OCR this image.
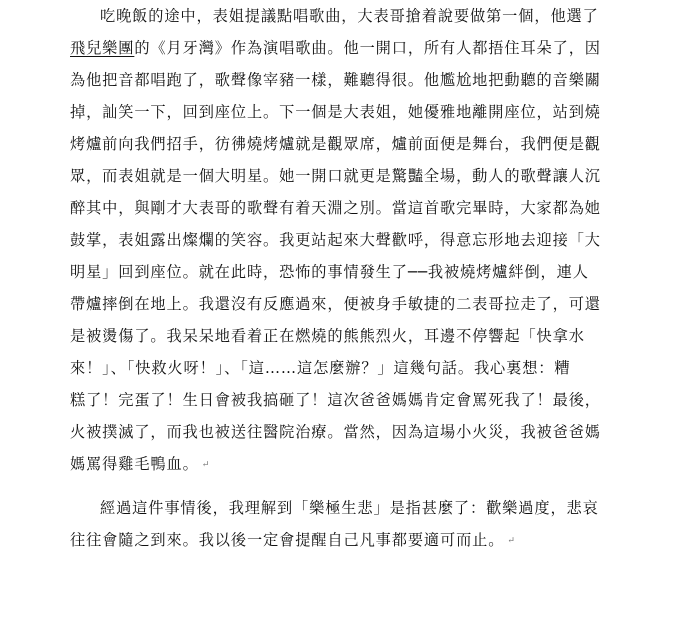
吃晚飯的途中，表姐提議點唱歌曲，大表哥搶着說要做第一個，他選了
飛兒樂團的《月牙灣》作為演唱歌曲。他一開口，所有人都捂住耳朵了，因
為他把音都唱跑了，歌聲像宰豬一樣，難聽得很。他尷尬地把動聽的音樂關
掉，訕笑一下，回到座位上。下一個是大表姐，她優雅地離開座位，站到燒
烤爐前向我們招手，彷彿燒烤爐就是觀眾席，爐前面便是舞台，我們便是觀
眾，而表姐就是一個大明星。她一開口就更是驚豔全場，動人的歌聲讓人沉
醉其中，與剛才大表哥的歌聲有着天淵之別。當這首歌完畢時，大家都為她
鼓掌，表姐露出燦爛的笑容。我更站起來大聲歡呼，得意忘形地去迎接「大
明星」回到座位。就在此時，恐怖的事情發生了──我被燒烤爐絆倒，連人
帶爐摔倒在地上。我還沒有反應過來，便被身手敏捷的二表哥拉走了，可還
是被燙傷了。我呆呆地看着正在燃燒的熊熊烈火，耳邊不停響起「快拿水
來！」、「快救火呀！」、「這……這怎麼辦？」這幾句話。我心裏想：糟
糕了！完蛋了！生日會被我搞砸了！這次爸爸媽媽肯定會罵死我了！最後，
火被撲滅了，而我也被送往醫院治療。當然，因為這場小火災，我被爸爸媽
媽罵得雞毛鴨血。 ↵
經過這件事情後，我理解到「樂極生悲」是指甚麼了：歡樂過度，悲哀
往往會隨之到來。我以後一定會提醒自己凡事都要適可而止。 ↵
